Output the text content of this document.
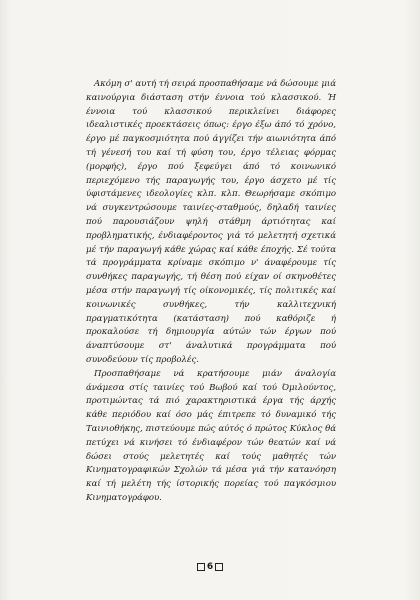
Ακόμη σ' αυτή τή σειρά προσπαθήσαμε νά δώσουμε μιά καινούργια διάσταση στήν έννοια τού κλασσικού. Ή έννοια τού κλασσικού περικλείνει διάφορες ιδεαλιστικές προεκτάσεις όπως: έργο έξω άπό τό χρόνο, έργο μέ παγκοσμιότητα πού άγγίζει τήν αιωνιότητα άπό τή γένεσή του καί τή φύση του, έργο τέλειας φόρμας (μορφής), έργο πού ξεφεύγει άπό τό κοινωνικό περιεχόμενο τής παραγωγής του, έργο άσχετο μέ τίς ύφιστάμενες ιδεολογίες κλπ. κλπ. Θεωρήσαμε σκόπιμο νά συγκεντρώσουμε ταινίες-σταθμούς, δηλαδή ταινίες πού παρουσιάζουν ψηλή στάθμη άρτιότητας καί προβληματικής, ένδιαφέροντος γιά τό μελετητή σχετικά μέ τήν παραγωγή κάθε χώρας καί κάθε έποχής. Σέ τούτα τά προγράμματα κρίναμε σκόπιμο ν' άναφέρουμε τίς συνθήκες παραγωγής, τή θέση πού είχαν οί σκηνοθέτες μέσα στήν παραγωγή τίς οίκονομικές, τίς πολιτικές καί κοινωνικές συνθήκες, τήν καλλιτεχνική πραγματικότητα (κατάσταση) πού καθόριζε ή προκαλούσε τή δημιουργία αύτών τών έργων πού άναπτύσουμε στ' άναλυτικά προγράμματα πού συνοδεύουν τίς προβολές.

Προσπαθήσαμε νά κρατήσουμε μιάν άναλογία άνάμεσα στίς ταινίες τού Βωβού καί τού Όμιλούντος, προτιμώντας τά πιό χαρακτηριστικά έργα τής άρχής κάθε περιόδου καί όσο μάς έπιτρεπε τό δυναμικό τής Ταινιοθήκης, πιστεύουμε πώς αύτός ό πρώτος Κύκλος θά πετύχει νά κινήσει τό ένδιαφέρον τών θεατών καί νά δώσει στούς μελετητές καί τούς μαθητές τών Κινηματογραφικών Σχολών τά μέσα γιά τήν κατανόηση καί τή μελέτη τής ίστορικής πορείας τού παγκόσμιου Κινηματογράφου.

6
